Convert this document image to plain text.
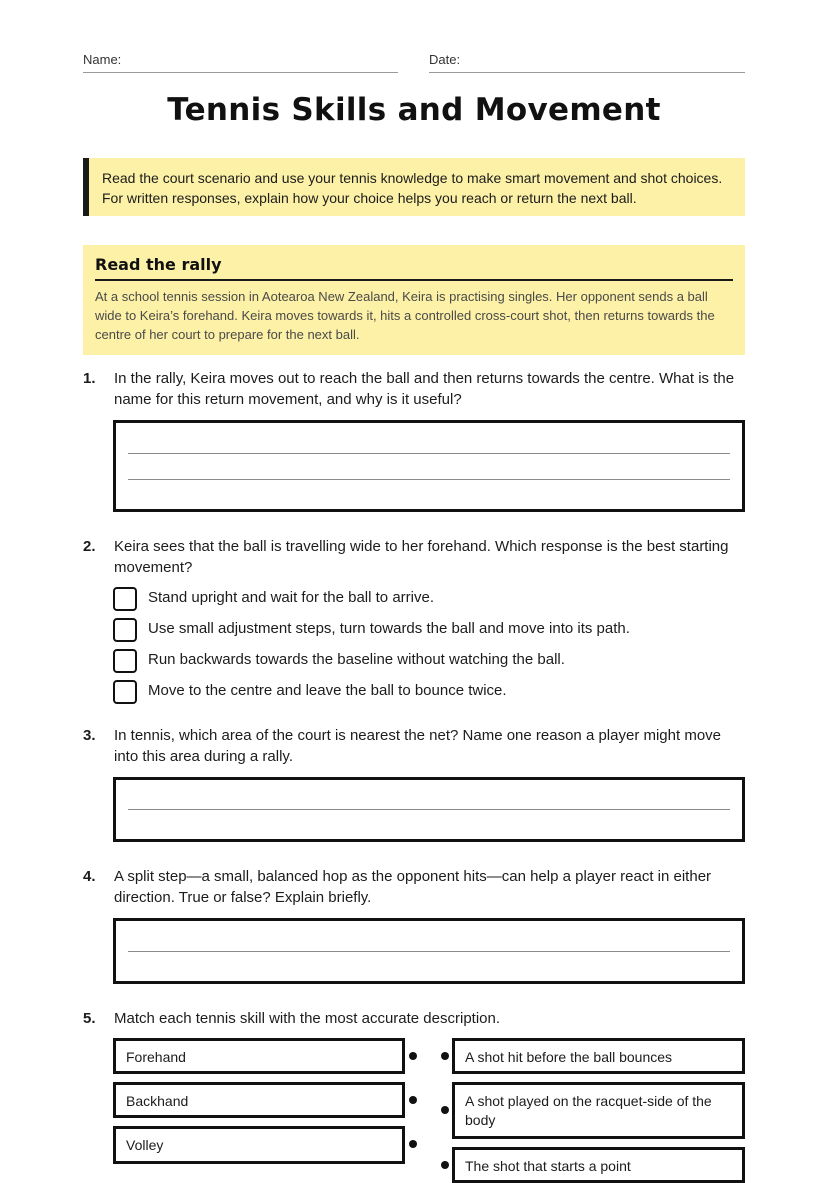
Name:	Date:
Tennis Skills and Movement
Read the court scenario and use your tennis knowledge to make smart movement and shot choices. For written responses, explain how your choice helps you reach or return the next ball.
Read the rally
At a school tennis session in Aotearoa New Zealand, Keira is practising singles. Her opponent sends a ball wide to Keira’s forehand. Keira moves towards it, hits a controlled cross-court shot, then returns towards the centre of her court to prepare for the next ball.
1. In the rally, Keira moves out to reach the ball and then returns towards the centre. What is the name for this return movement, and why is it useful?
2. Keira sees that the ball is travelling wide to her forehand. Which response is the best starting movement?
Stand upright and wait for the ball to arrive.
Use small adjustment steps, turn towards the ball and move into its path.
Run backwards towards the baseline without watching the ball.
Move to the centre and leave the ball to bounce twice.
3. In tennis, which area of the court is nearest the net? Name one reason a player might move into this area during a rally.
4. A split step—a small, balanced hop as the opponent hits—can help a player react in either direction. True or false? Explain briefly.
5. Match each tennis skill with the most accurate description.
Forehand
Backhand
Volley
A shot hit before the ball bounces
A shot played on the racquet-side of the body
The shot that starts a point
